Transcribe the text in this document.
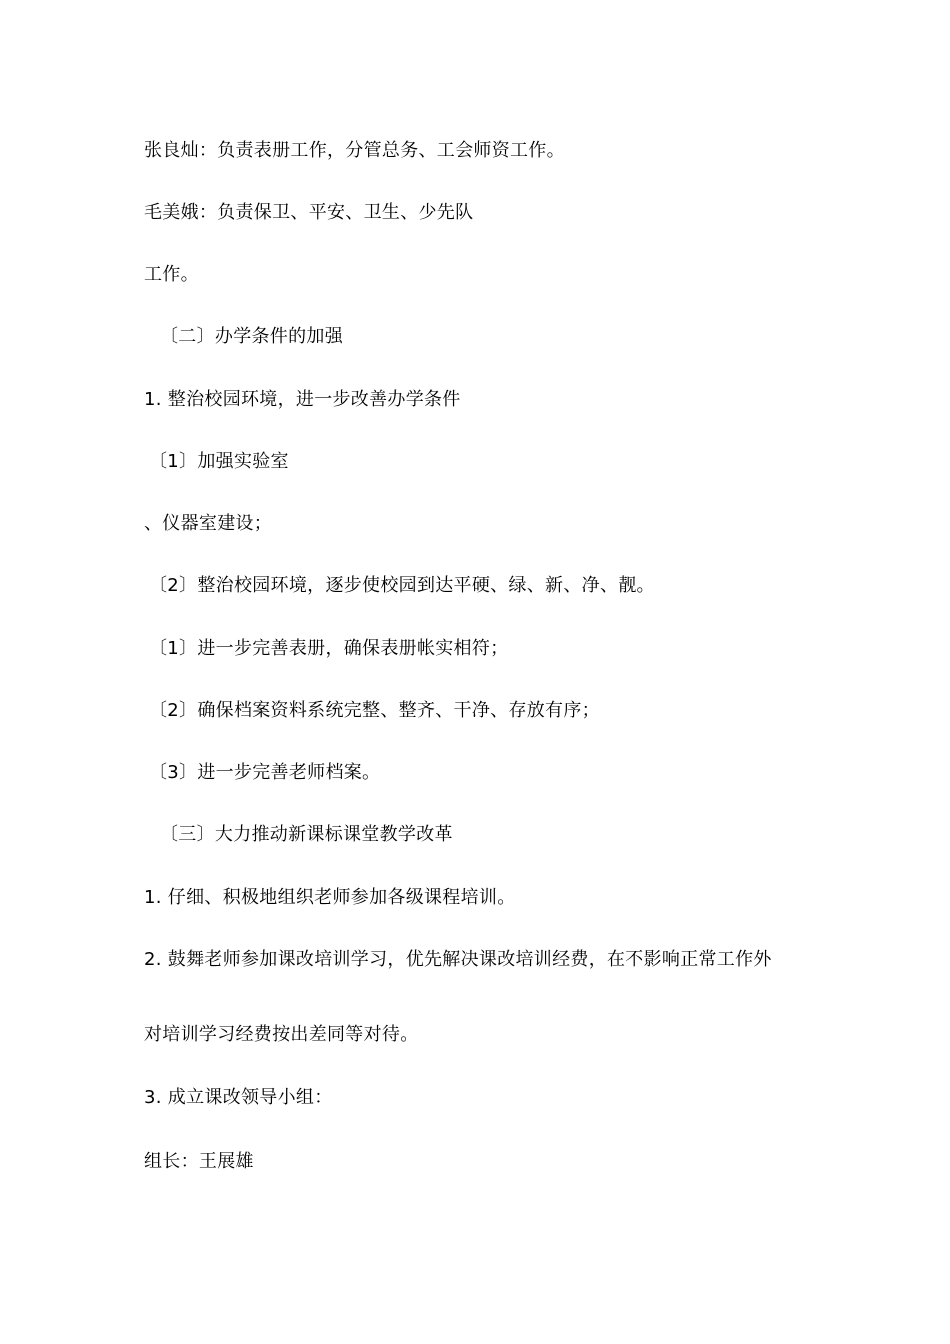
张良灿：负责表册工作，分管总务、工会师资工作。
毛美娥：负责保卫、平安、卫生、少先队
工作。
〔二〕办学条件的加强
1. 整治校园环境，进一步改善办学条件
〔1〕加强实验室
、仪器室建设；
〔2〕整治校园环境，逐步使校园到达平硬、绿、新、净、靓。
〔1〕进一步完善表册，确保表册帐实相符；
〔2〕确保档案资料系统完整、整齐、干净、存放有序；
〔3〕进一步完善老师档案。
〔三〕大力推动新课标课堂教学改革
1. 仔细、积极地组织老师参加各级课程培训。
2. 鼓舞老师参加课改培训学习，优先解决课改培训经费，在不影响正常工作外
对培训学习经费按出差同等对待。
3. 成立课改领导小组：
组长：王展雄
